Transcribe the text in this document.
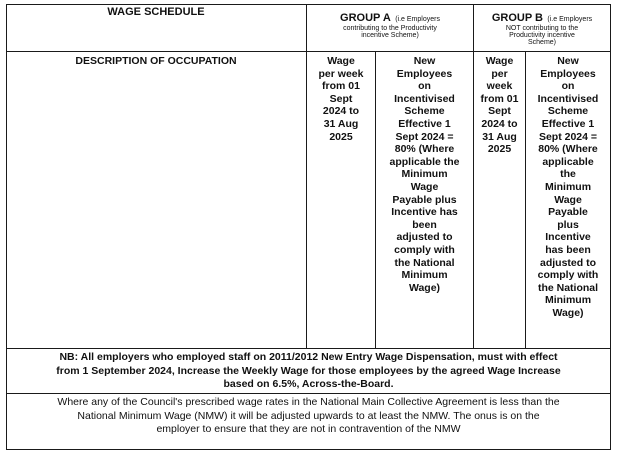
WAGE SCHEDULE	GROUP A (i.e Employers
contributing to the Productivity
incentive Scheme)
GROUP B (i.e Employers
NOT contributing to the
Productivity incentive
Scheme)
DESCRIPTION OF OCCUPATION	Wage
per week
from 01
Sept
2024 to
31 Aug
2025
New
Employees
on
Incentivised
Scheme
Effective 1
Sept 2024 =
80% (Where
applicable the
Minimum
Wage
Payable plus
Incentive has
been
adjusted to
comply with
the National
Minimum
Wage)
Wage
per
week
from 01
Sept
2024 to
31 Aug
2025
New
Employees
on
Incentivised
Scheme
Effective 1
Sept 2024 =
80% (Where
applicable
the
Minimum
Wage
Payable
plus
Incentive
has been
adjusted to
comply with
the National
Minimum
Wage)
NB: All employers who employed staff on 2011/2012 New Entry Wage Dispensation, must with effect
from 1 September 2024, Increase the Weekly Wage for those employees by the agreed Wage Increase
based on 6.5%, Across-the-Board.
Where any of the Council's prescribed wage rates in the National Main Collective Agreement is less than the
National Minimum Wage (NMW) it will be adjusted upwards to at least the NMW. The onus is on the
employer to ensure that they are not in contravention of the NMW
